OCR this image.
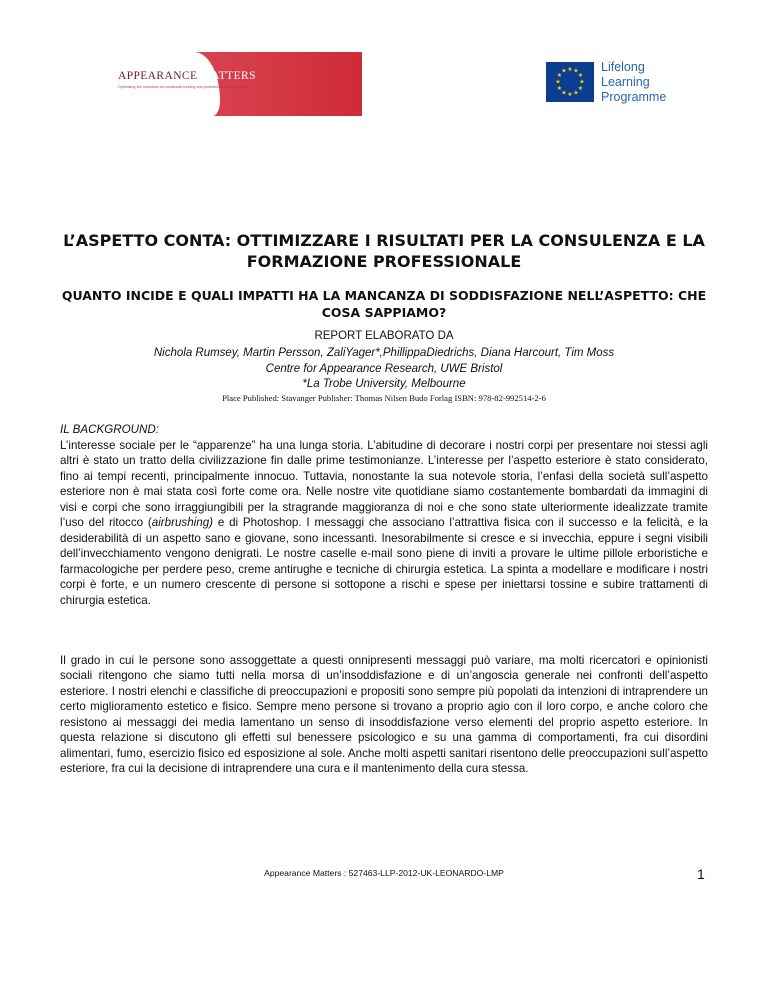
APPEARANCE MATTERS
Optimising the outcomes for vocational training and professional development
★ ★
★
★
★
★
★
★
★
★
★
★	Lifelong
Learning
Programme
L’ASPETTO CONTA: OTTIMIZZARE I RISULTATI PER LA CONSULENZA E LA
FORMAZIONE PROFESSIONALE
QUANTO INCIDE E QUALI IMPATTI HA LA MANCANZA DI SODDISFAZIONE NELL’ASPETTO: CHE
COSA SAPPIAMO?
REPORT ELABORATO DA
Nichola Rumsey, Martin Persson, ZaliYager*,PhillippaDiedrichs, Diana Harcourt, Tim Moss
Centre for Appearance Research, UWE Bristol
*La Trobe University, Melbourne
Place Published: Stavanger Publisher: Thomas Nilsen Budo Forlag ISBN: 978-82-992514-2-6
IL BACKGROUND:
L’interesse sociale per le “apparenze” ha una lunga storia. L’abitudine di decorare i nostri corpi per presentare noi stessi agli altri è stato un tratto della civilizzazione fin dalle prime testimonianze. L’interesse per l’aspetto esteriore è stato considerato, fino ai tempi recenti, principalmente innocuo. Tuttavia, nonostante la sua notevole storia, l’enfasi della società sull’aspetto esteriore non è mai stata così forte come ora. Nelle nostre vite quotidiane siamo costantemente bombardati da immagini di visi e corpi che sono irraggiungibili per la stragrande maggioranza di noi e che sono state ulteriormente idealizzate tramite l’uso del ritocco (airbrushing) e di Photoshop. I messaggi che associano l’attrattiva fisica con il successo e la felicità, e la desiderabilità di un aspetto sano e giovane, sono incessanti. Inesorabilmente si cresce e si invecchia, eppure i segni visibili dell’invecchiamento vengono denigrati. Le nostre caselle e-mail sono piene di inviti a provare le ultime pillole erboristiche e farmacologiche per perdere peso, creme antirughe e tecniche di chirurgia estetica. La spinta a modellare e modificare i nostri corpi è forte, e un numero crescente di persone si sottopone a rischi e spese per iniettarsi tossine e subire trattamenti di chirurgia estetica.
Il grado in cui le persone sono assoggettate a questi onnipresenti messaggi può variare, ma molti ricercatori e opinionisti sociali ritengono che siamo tutti nella morsa di un’insoddisfazione e di un’angoscia generale nei confronti dell’aspetto esteriore. I nostri elenchi e classifiche di preoccupazioni e propositi sono sempre più popolati da intenzioni di intraprendere un certo miglioramento estetico e fisico. Sempre meno persone si trovano a proprio agio con il loro corpo, e anche coloro che resistono ai messaggi dei media lamentano un senso di insoddisfazione verso elementi del proprio aspetto esteriore. In questa relazione si discutono gli effetti sul benessere psicologico e su una gamma di comportamenti, fra cui disordini alimentari, fumo, esercizio fisico ed esposizione al sole. Anche molti aspetti sanitari risentono delle preoccupazioni sull’aspetto esteriore, fra cui la decisione di intraprendere una cura e il mantenimento della cura stessa.
Appearance Matters : 527463-LLP-2012-UK-LEONARDO-LMP	1
